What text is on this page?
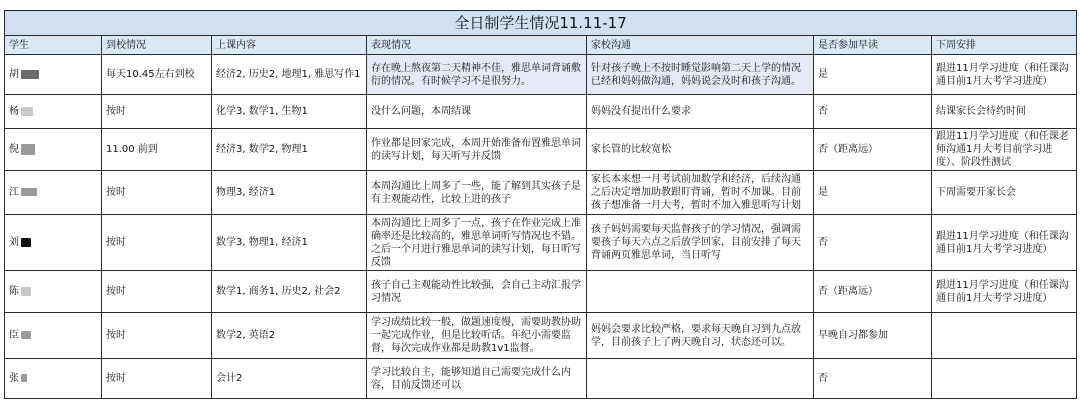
全日制学生情况11.11-17						
学生	到校情况	上课内容	表现情况	家校沟通	是否参加早读	下周安排
胡	每天10.45左右到校	经济2, 历史2, 地理1, 雅思写作1	存在晚上熬夜第二天精神不佳，雅思单词背诵敷衍的情况。有时候学习不是很努力。	针对孩子晚上不按时睡觉影响第二天上学的情况已经和妈妈做沟通，妈妈说会及时和孩子沟通。	是	跟进11月学习进度（和任课沟通目前1月大考学习进度）
杨	按时	化学3, 数学1, 生物1	没什么问题，本周结课	妈妈没有提出什么要求	否	结课家长会待约时间
倪	11.00 前到	经济3, 数学2, 物理1	作业都是回家完成，本周开始准备布置雅思单词的读写计划，每天听写并反馈	家长管的比较宽松	否（距离远）	跟进11月学习进度（和任课老师沟通1月大考目前学习进度）、阶段性测试
江	按时	物理3, 经济1	本周沟通比上周多了一些，能了解到其实孩子是有主观能动性，比较上进的孩子	家长本来想一月考试前加数学和经济，后续沟通之后决定增加助教跟盯背诵，暂时不加课。目前孩子想准备一月大考，暂时不加入雅思听写计划	是	下周需要开家长会
刘	按时	数学3, 物理1, 经济1	本周沟通比上周多了一点，孩子在作业完成上准确率还是比较高的，雅思单词听写情况也不错。之后一个月进行雅思单词的读写计划，每日听写反馈	孩子妈妈需要每天监督孩子的学习情况，强调需要孩子每天六点之后放学回家，目前安排了每天背诵两页雅思单词，当日听写	否	跟进11月学习进度（和任课沟通目前1月大考学习进度）
陈	按时	数学1, 商务1, 历史2, 社会2	孩子自己主观能动性比较强，会自己主动汇报学习情况		否（距离远）	跟进11月学习进度（和任课沟通目前1月大考学习进度）
臣	按时	数学2, 英语2	学习成绩比较一般，做题速度慢，需要助教协助一起完成作业，但是比较听话。年纪小需要监督，每次完成作业都是助教1v1监督。	妈妈会要求比较严格，要求每天晚自习到九点放学，目前孩子上了两天晚自习，状态还可以。	早晚自习都参加	
张	按时	会计2	学习比较自主，能够知道自己需要完成什么内容，目前反馈还可以		否	
